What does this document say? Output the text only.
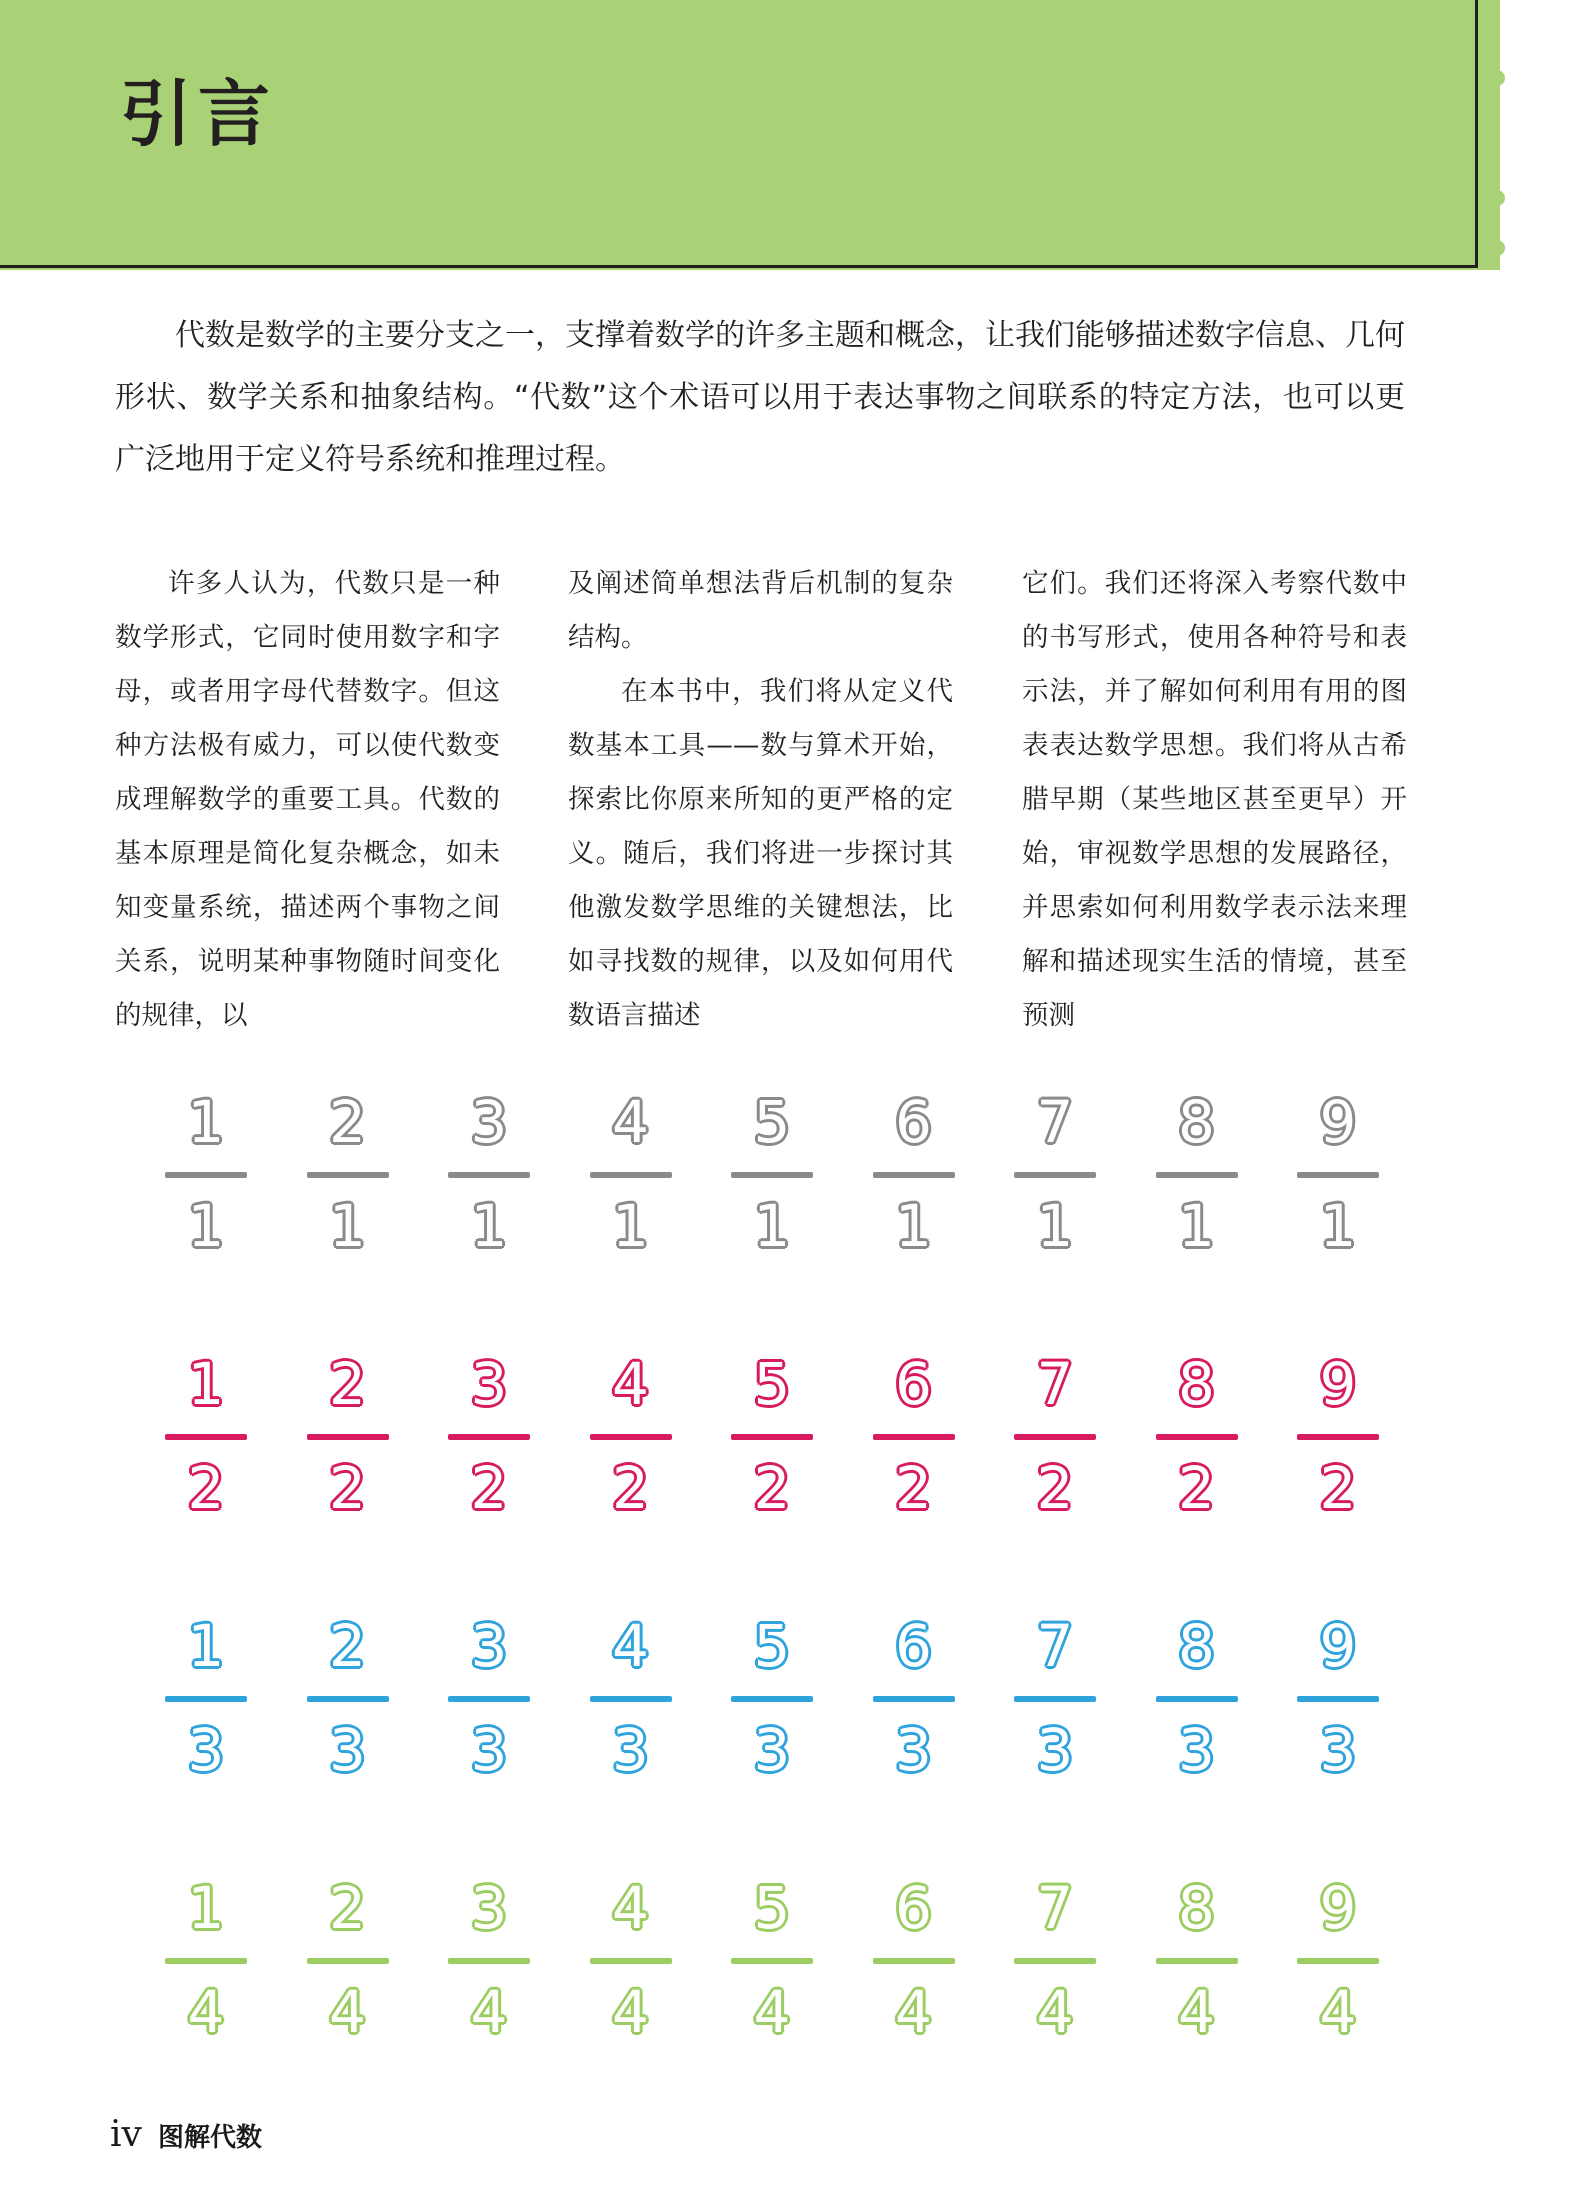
引言

代数是数学的主要分支之一，支撑着数学的许多主题和概念，让我们能够描述数字信息、几何形状、数学关系和抽象结构。“代数”这个术语可以用于表达事物之间联系的特定方法，也可以更广泛地用于定义符号系统和推理过程。

许多人认为，代数只是一种数学形式，它同时使用数字和字母，或者用字母代替数字。但这种方法极有威力，可以使代数变成理解数学的重要工具。代数的基本原理是简化复杂概念，如未知变量系统，描述两个事物之间关系，说明某种事物随时间变化的规律，以

及阐述简单想法背后机制的复杂结构。

在本书中，我们将从定义代数基本工具——数与算术开始，探索比你原来所知的更严格的定义。随后，我们将进一步探讨其他激发数学思维的关键想法，比如寻找数的规律，以及如何用代数语言描述

它们。我们还将深入考察代数中的书写形式，使用各种符号和表示法，并了解如何利用有用的图表表达数学思想。我们将从古希腊早期（某些地区甚至更早）开始，审视数学思想的发展路径，并思索如何利用数学表示法来理解和描述现实生活的情境，甚至预测

1
1
2
1
3
1
4
1
5
1
6
1
7
1
8
1
9
1
1
2
2
2
3
2
4
2
5
2
6
2
7
2
8
2
9
2
1
3
2
3
3
3
4
3
5
3
6
3
7
3
8
3
9
3
1
4
2
4
3
4
4
4
5
4
6
4
7
4
8
4
9
4
iv 图解代数
